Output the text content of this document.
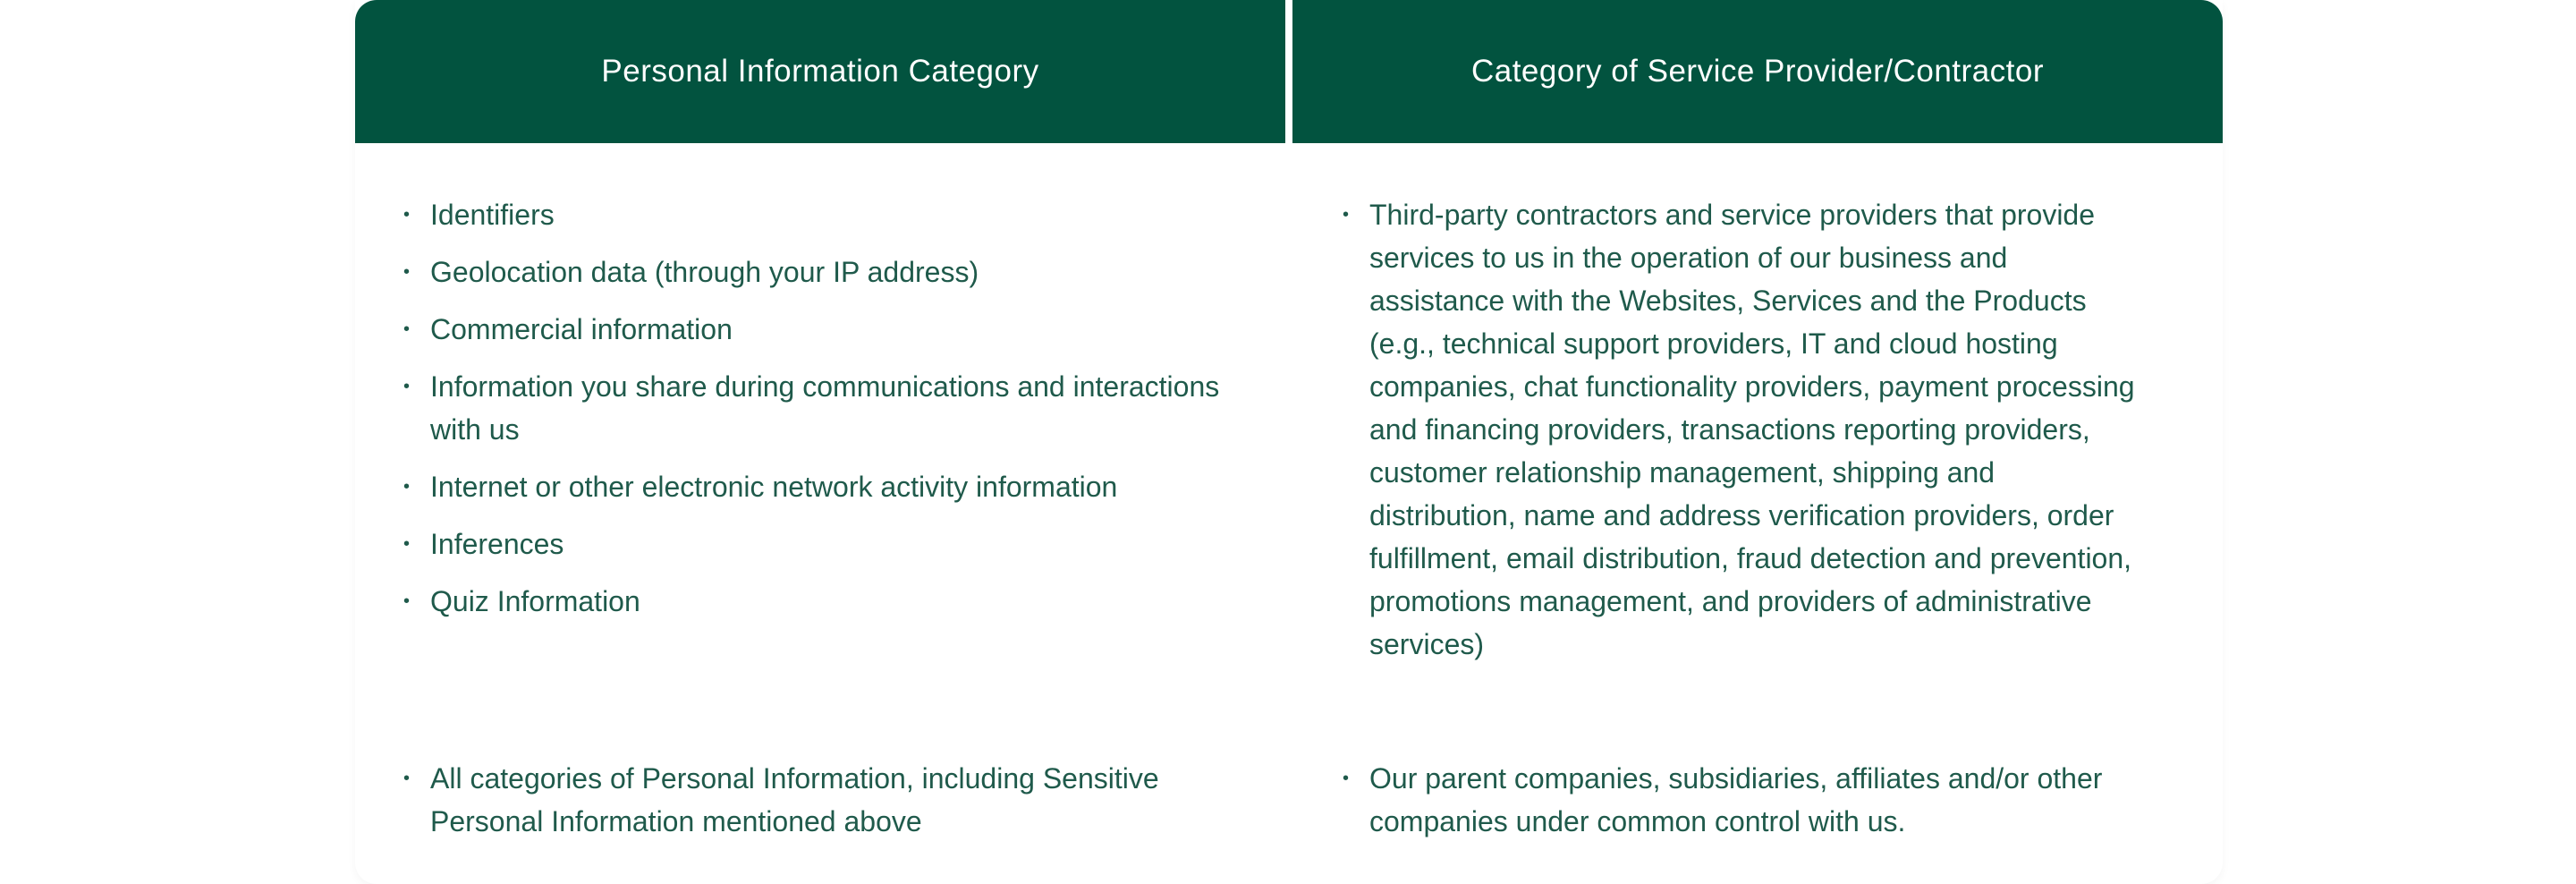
Personal Information Category	Category of Service Provider/Contractor
• Identifiers
• Geolocation data (through your IP address)
• Commercial information
• Information you share during communications and interactions with us
• Internet or other electronic network activity information
• Inferences
• Quiz Information
• Third-party contractors and service providers that provide services to us in the operation of our business and assistance with the Websites, Services and the Products (e.g., technical support providers, IT and cloud hosting companies, chat functionality providers, payment processing and financing providers, transactions reporting providers, customer relationship management, shipping and distribution, name and address verification providers, order fulfillment, email distribution, fraud detection and prevention, promotions management, and providers of administrative services)
• All categories of Personal Information, including Sensitive Personal Information mentioned above
• Our parent companies, subsidiaries, affiliates and/or other companies under common control with us.
